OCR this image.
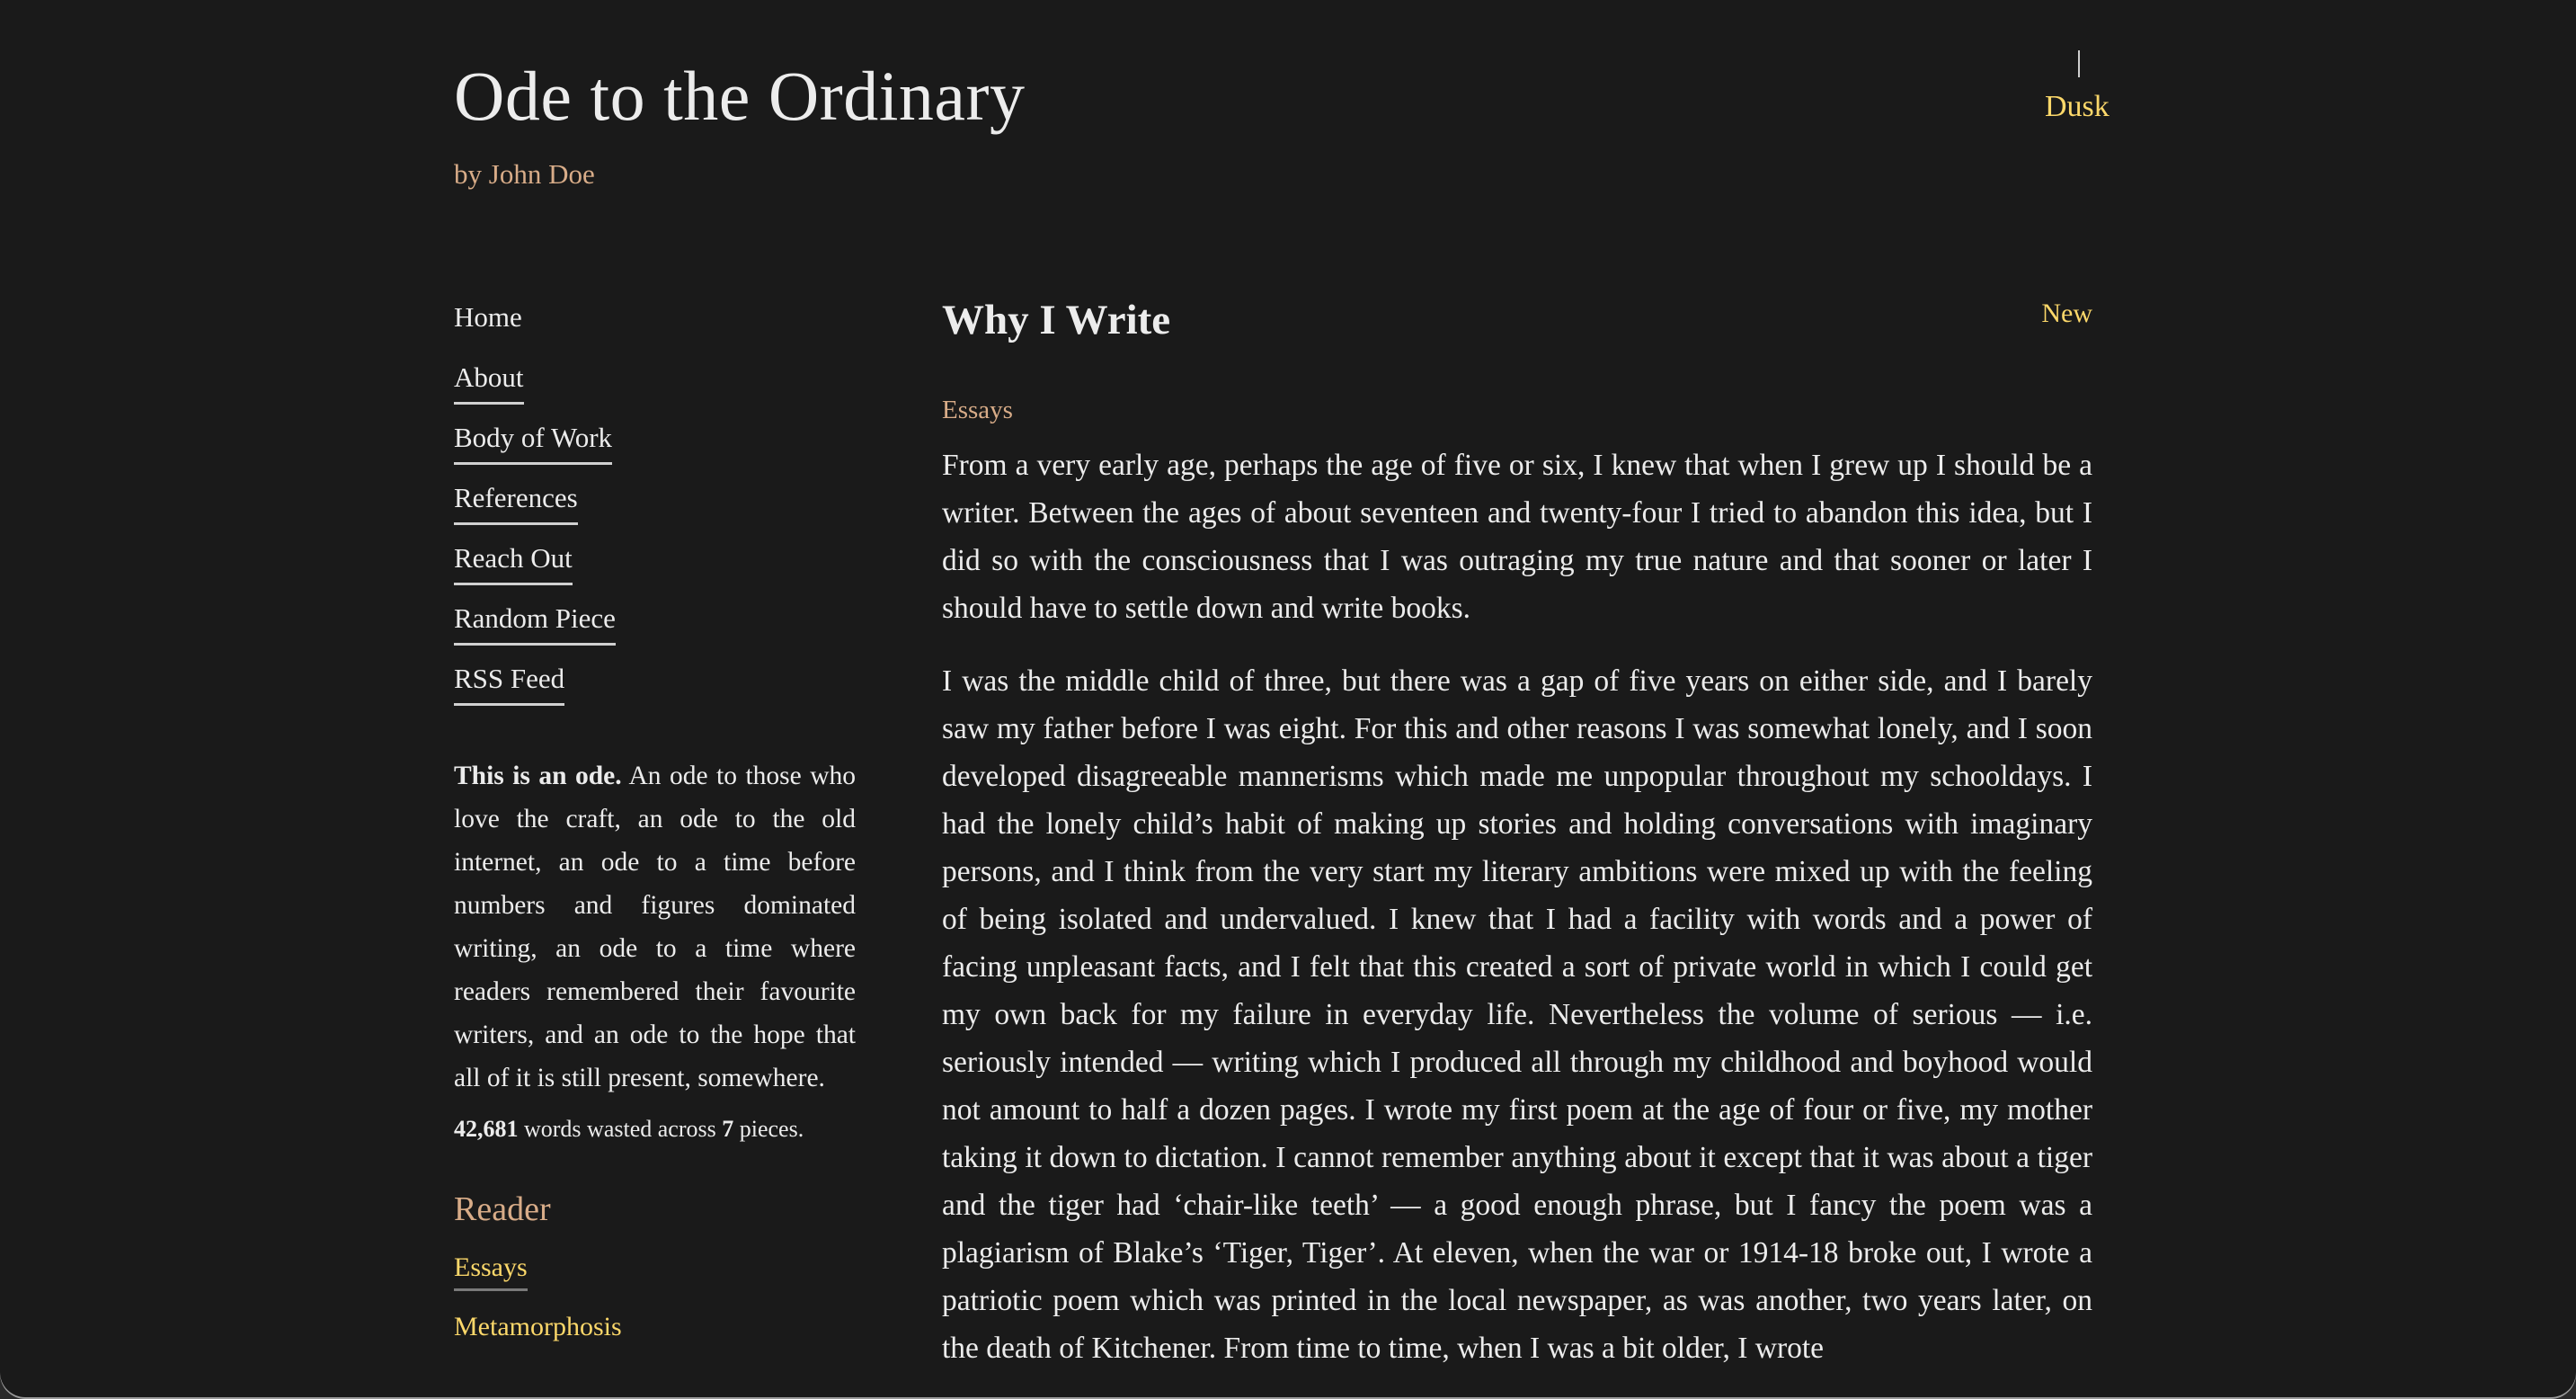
Ode to the Ordinary

by John Doe

Dusk
Home
About
Body of Work
References
Reach Out
Random Piece
RSS Feed

This is an ode. An ode to those who love the craft, an ode to the old internet, an ode to a time before numbers and figures dominated writing, an ode to a time where readers remembered their favourite writers, and an ode to the hope that all of it is still present, somewhere.

42,681 words wasted across 7 pieces.

Reader
Essays
Metamorphosis
Why I Write	New
Essays

From a very early age, perhaps the age of five or six, I knew that when I grew up I should be a writer. Between the ages of about seventeen and twenty-four I tried to abandon this idea, but I did so with the consciousness that I was outraging my true nature and that sooner or later I should have to settle down and write books.

I was the middle child of three, but there was a gap of five years on either side, and I barely saw my father before I was eight. For this and other reasons I was somewhat lonely, and I soon developed disagreeable mannerisms which made me unpopular throughout my schooldays. I had the lonely child’s habit of making up stories and holding conversations with imaginary persons, and I think from the very start my literary ambitions were mixed up with the feeling of being isolated and undervalued. I knew that I had a facility with words and a power of facing unpleasant facts, and I felt that this created a sort of private world in which I could get my own back for my failure in everyday life. Nevertheless the volume of serious — i.e. seriously intended — writing which I produced all through my childhood and boyhood would not amount to half a dozen pages. I wrote my first poem at the age of four or five, my mother taking it down to dictation. I cannot remember anything about it except that it was about a tiger and the tiger had ‘chair-like teeth’ — a good enough phrase, but I fancy the poem was a plagiarism of Blake’s ‘Tiger, Tiger’. At eleven, when the war or 1914-18 broke out, I wrote a patriotic poem which was printed in the local newspaper, as was another, two years later, on the death of Kitchener. From time to time, when I was a bit older, I wrote
